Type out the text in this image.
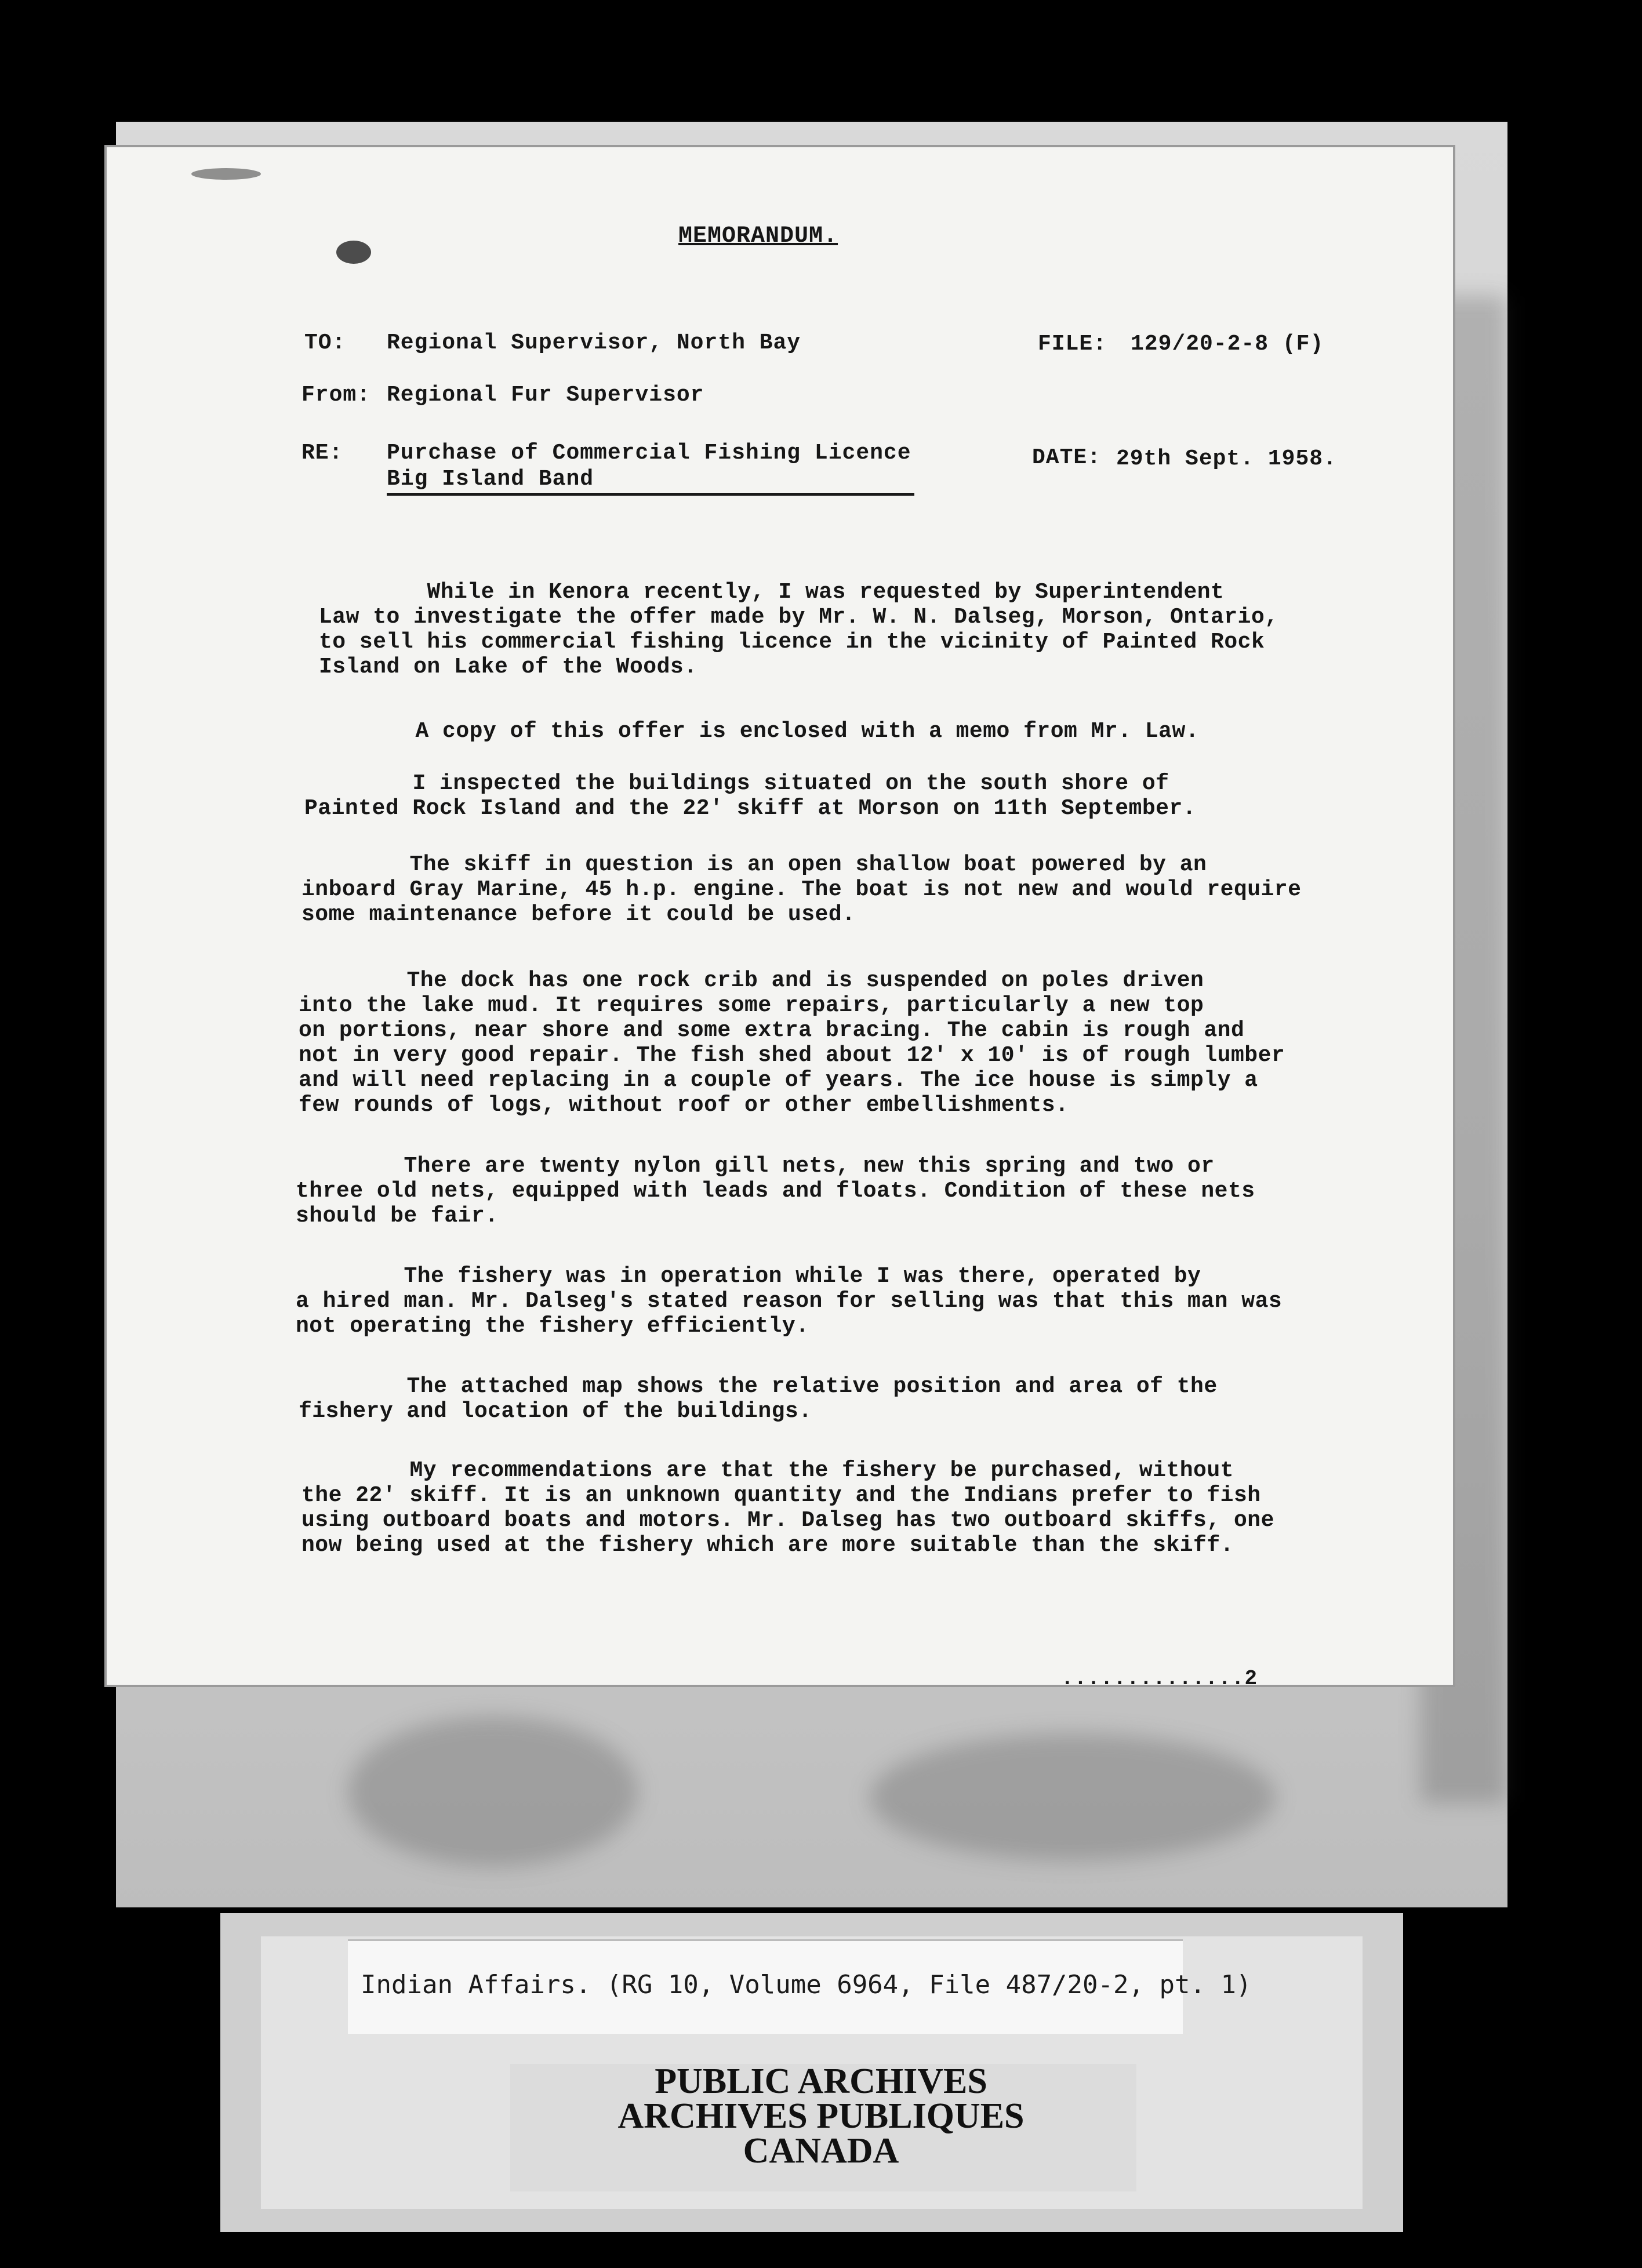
MEMORANDUM.
TO: Regional Supervisor, North Bay	FILE: 129/20-2-8 (F)
From: Regional Fur Supervisor
RE: Purchase of Commercial Fishing Licence
Big Island Band
DATE: 29th Sept. 1958.

While in Kenora recently, I was requested by Superintendent
Law to investigate the offer made by Mr. W. N. Dalseg, Morson, Ontario,
to sell his commercial fishing licence in the vicinity of Painted Rock
Island on Lake of the Woods.

A copy of this offer is enclosed with a memo from Mr. Law.

I inspected the buildings situated on the south shore of
Painted Rock Island and the 22' skiff at Morson on 11th September.

The skiff in question is an open shallow boat powered by an
inboard Gray Marine, 45 h.p. engine. The boat is not new and would require
some maintenance before it could be used.

The dock has one rock crib and is suspended on poles driven
into the lake mud. It requires some repairs, particularly a new top
on portions, near shore and some extra bracing. The cabin is rough and
not in very good repair. The fish shed about 12' x 10' is of rough lumber
and will need replacing in a couple of years. The ice house is simply a
few rounds of logs, without roof or other embellishments.

There are twenty nylon gill nets, new this spring and two or
three old nets, equipped with leads and floats. Condition of these nets
should be fair.

The fishery was in operation while I was there, operated by
a hired man. Mr. Dalseg's stated reason for selling was that this man was
not operating the fishery efficiently.

The attached map shows the relative position and area of the
fishery and location of the buildings.

My recommendations are that the fishery be purchased, without
the 22' skiff. It is an unknown quantity and the Indians prefer to fish
using outboard boats and motors. Mr. Dalseg has two outboard skiffs, one
now being used at the fishery which are more suitable than the skiff.

..............2
Indian Affairs. (RG 10, Volume 6964, File 487/20-2, pt. 1)
PUBLIC ARCHIVES
ARCHIVES PUBLIQUES
CANADA
